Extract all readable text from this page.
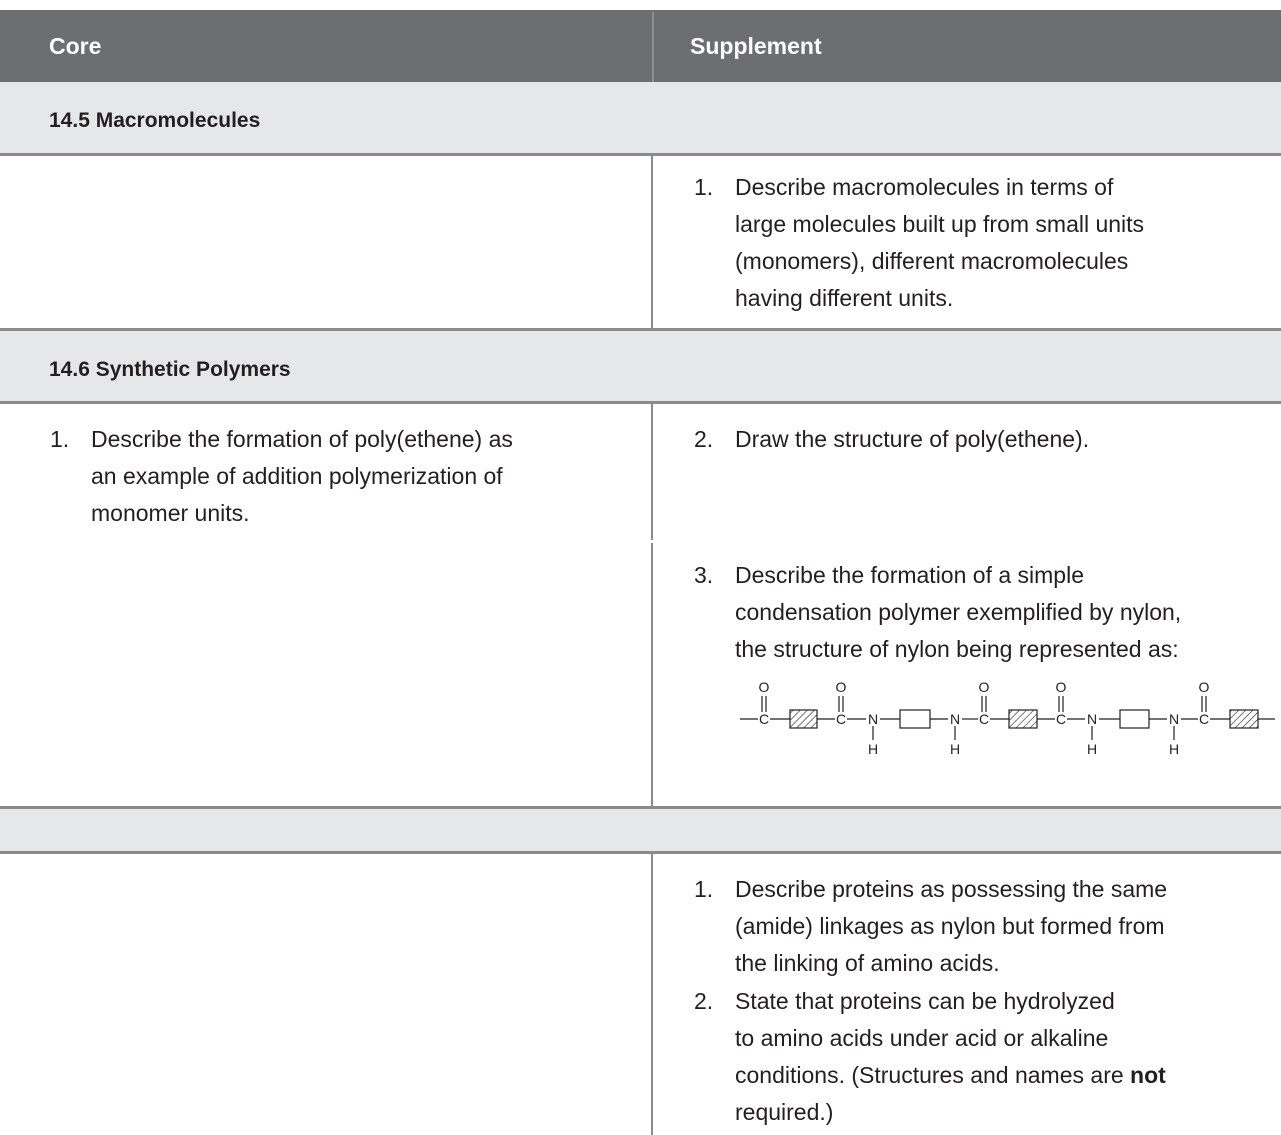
Core	Supplement
14.5 Macromolecules
1. Describe macromolecules in terms of
large molecules built up from small units
(monomers), different macromolecules
having different units.
14.6 Synthetic Polymers
1. Describe the formation of poly(ethene) as
an example of addition polymerization of
monomer units.
2. Draw the structure of poly(ethene).
3. Describe the formation of a simple
condensation polymer exemplified by nylon,
the structure of nylon being represented as:
O
C
O
C N
H
N
H
O
C
O
C N
H
N
H
O
C
1. Describe proteins as possessing the same
(amide) linkages as nylon but formed from
the linking of amino acids.
2. State that proteins can be hydrolyzed
to amino acids under acid or alkaline
conditions. (Structures and names are not
required.)
